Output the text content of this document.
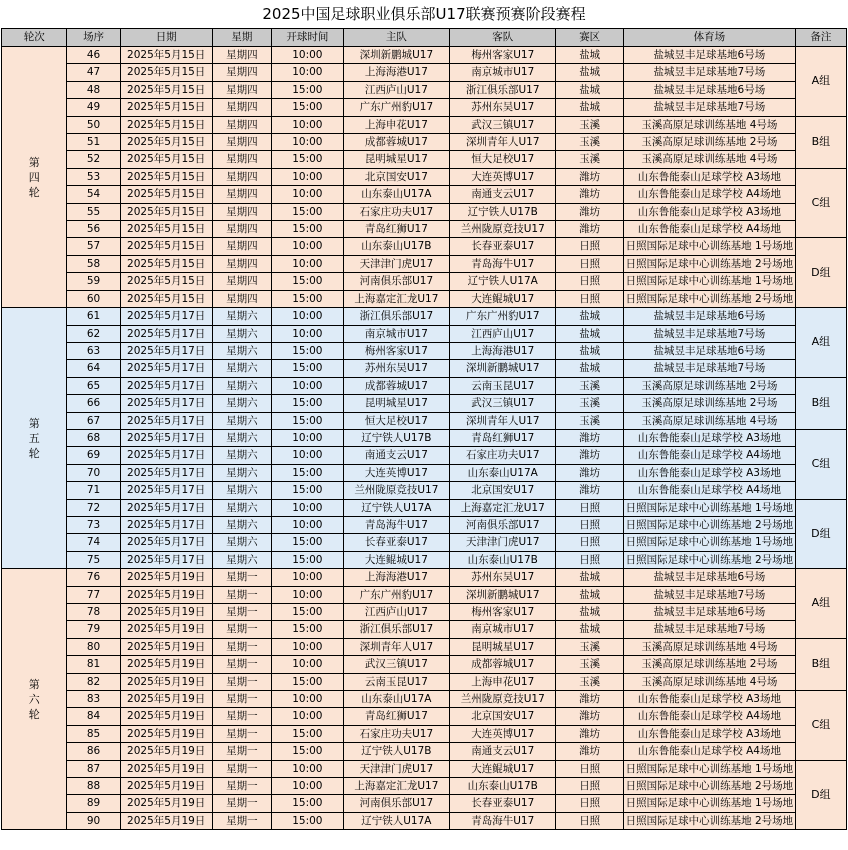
2025中国足球职业俱乐部U17联赛预赛阶段赛程
轮次	场序	日期	星期	开球时间	主队	客队	赛区	体育场	备注
第
四
轮	46	2025年5月15日	星期四	10:00	深圳新鹏城U17	梅州客家U17	盐城	盐城昱丰足球基地6号场	A组
	47	2025年5月15日	星期四	10:00	上海海港U17	南京城市U17	盐城	盐城昱丰足球基地7号场	
	48	2025年5月15日	星期四	15:00	江西庐山U17	浙江俱乐部U17	盐城	盐城昱丰足球基地6号场	
	49	2025年5月15日	星期四	15:00	广东广州豹U17	苏州东吴U17	盐城	盐城昱丰足球基地7号场	
	50	2025年5月15日	星期四	10:00	上海申花U17	武汉三镇U17	玉溪	玉溪高原足球训练基地 4号场	B组
	51	2025年5月15日	星期四	10:00	成都蓉城U17	深圳青年人U17	玉溪	玉溪高原足球训练基地 2号场	
	52	2025年5月15日	星期四	15:00	昆明城星U17	恒大足校U17	玉溪	玉溪高原足球训练基地 4号场	
	53	2025年5月15日	星期四	10:00	北京国安U17	大连英博U17	潍坊	山东鲁能泰山足球学校 A3场地	C组
	54	2025年5月15日	星期四	10:00	山东泰山U17A	南通支云U17	潍坊	山东鲁能泰山足球学校 A4场地	
	55	2025年5月15日	星期四	15:00	石家庄功夫U17	辽宁铁人U17B	潍坊	山东鲁能泰山足球学校 A3场地	
	56	2025年5月15日	星期四	15:00	青岛红狮U17	兰州陇原竞技U17	潍坊	山东鲁能泰山足球学校 A4场地	
	57	2025年5月15日	星期四	10:00	山东泰山U17B	长春亚泰U17	日照	日照国际足球中心训练基地 1号场地	D组
	58	2025年5月15日	星期四	10:00	天津津门虎U17	青岛海牛U17	日照	日照国际足球中心训练基地 2号场地	
	59	2025年5月15日	星期四	15:00	河南俱乐部U17	辽宁铁人U17A	日照	日照国际足球中心训练基地 1号场地	
	60	2025年5月15日	星期四	15:00	上海嘉定汇龙U17	大连鲲城U17	日照	日照国际足球中心训练基地 2号场地	
第
五
轮	61	2025年5月17日	星期六	10:00	浙江俱乐部U17	广东广州豹U17	盐城	盐城昱丰足球基地6号场	A组
	62	2025年5月17日	星期六	10:00	南京城市U17	江西庐山U17	盐城	盐城昱丰足球基地7号场	
	63	2025年5月17日	星期六	15:00	梅州客家U17	上海海港U17	盐城	盐城昱丰足球基地6号场	
	64	2025年5月17日	星期六	15:00	苏州东吴U17	深圳新鹏城U17	盐城	盐城昱丰足球基地7号场	
	65	2025年5月17日	星期六	10:00	成都蓉城U17	云南玉昆U17	玉溪	玉溪高原足球训练基地 2号场	B组
	66	2025年5月17日	星期六	15:00	昆明城星U17	武汉三镇U17	玉溪	玉溪高原足球训练基地 2号场	
	67	2025年5月17日	星期六	15:00	恒大足校U17	深圳青年人U17	玉溪	玉溪高原足球训练基地 4号场	
	68	2025年5月17日	星期六	10:00	辽宁铁人U17B	青岛红狮U17	潍坊	山东鲁能泰山足球学校 A3场地	C组
	69	2025年5月17日	星期六	10:00	南通支云U17	石家庄功夫U17	潍坊	山东鲁能泰山足球学校 A4场地	
	70	2025年5月17日	星期六	15:00	大连英博U17	山东泰山U17A	潍坊	山东鲁能泰山足球学校 A3场地	
	71	2025年5月17日	星期六	15:00	兰州陇原竞技U17	北京国安U17	潍坊	山东鲁能泰山足球学校 A4场地	
	72	2025年5月17日	星期六	10:00	辽宁铁人U17A	上海嘉定汇龙U17	日照	日照国际足球中心训练基地 1号场地	D组
	73	2025年5月17日	星期六	10:00	青岛海牛U17	河南俱乐部U17	日照	日照国际足球中心训练基地 2号场地	
	74	2025年5月17日	星期六	15:00	长春亚泰U17	天津津门虎U17	日照	日照国际足球中心训练基地 1号场地	
	75	2025年5月17日	星期六	15:00	大连鲲城U17	山东泰山U17B	日照	日照国际足球中心训练基地 2号场地	
第
六
轮	76	2025年5月19日	星期一	10:00	上海海港U17	苏州东吴U17	盐城	盐城昱丰足球基地6号场	A组
	77	2025年5月19日	星期一	10:00	广东广州豹U17	深圳新鹏城U17	盐城	盐城昱丰足球基地7号场	
	78	2025年5月19日	星期一	15:00	江西庐山U17	梅州客家U17	盐城	盐城昱丰足球基地6号场	
	79	2025年5月19日	星期一	15:00	浙江俱乐部U17	南京城市U17	盐城	盐城昱丰足球基地7号场	
	80	2025年5月19日	星期一	10:00	深圳青年人U17	昆明城星U17	玉溪	玉溪高原足球训练基地 4号场	B组
	81	2025年5月19日	星期一	10:00	武汉三镇U17	成都蓉城U17	玉溪	玉溪高原足球训练基地 2号场	
	82	2025年5月19日	星期一	15:00	云南玉昆U17	上海申花U17	玉溪	玉溪高原足球训练基地 4号场	
	83	2025年5月19日	星期一	10:00	山东泰山U17A	兰州陇原竞技U17	潍坊	山东鲁能泰山足球学校 A3场地	C组
	84	2025年5月19日	星期一	10:00	青岛红狮U17	北京国安U17	潍坊	山东鲁能泰山足球学校 A4场地	
	85	2025年5月19日	星期一	15:00	石家庄功夫U17	大连英博U17	潍坊	山东鲁能泰山足球学校 A3场地	
	86	2025年5月19日	星期一	15:00	辽宁铁人U17B	南通支云U17	潍坊	山东鲁能泰山足球学校 A4场地	
	87	2025年5月19日	星期一	10:00	天津津门虎U17	大连鲲城U17	日照	日照国际足球中心训练基地 1号场地	D组
	88	2025年5月19日	星期一	10:00	上海嘉定汇龙U17	山东泰山U17B	日照	日照国际足球中心训练基地 2号场地	
	89	2025年5月19日	星期一	15:00	河南俱乐部U17	长春亚泰U17	日照	日照国际足球中心训练基地 1号场地	
	90	2025年5月19日	星期一	15:00	辽宁铁人U17A	青岛海牛U17	日照	日照国际足球中心训练基地 2号场地	
